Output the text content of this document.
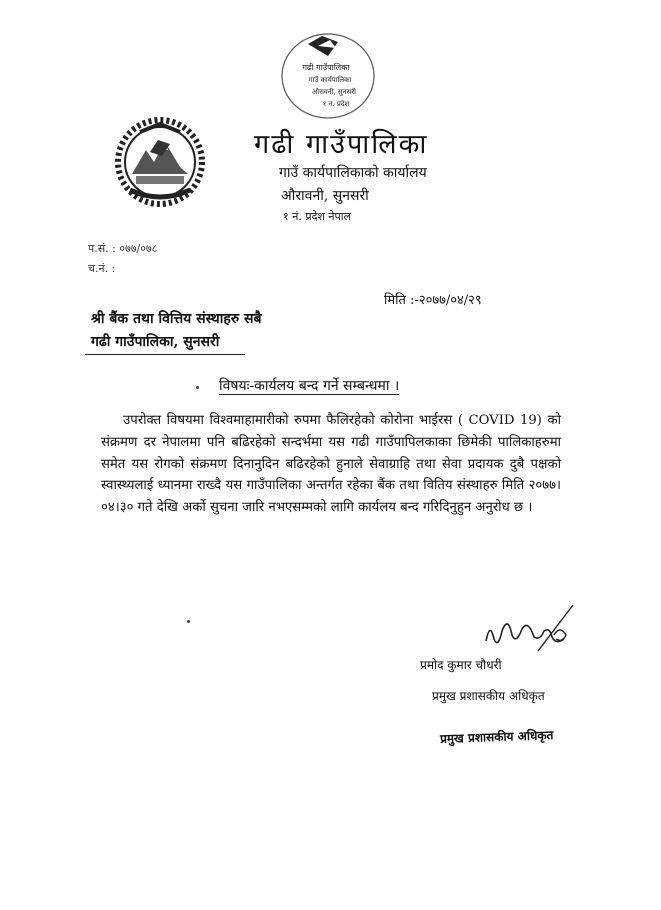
गढी गाउँपालिका
गाउँ कार्यपालिका
औरावनी, सुनसरी
१ न. प्रदेश
गढी गाउँपालिका
गाउँ कार्यपालिकाको कार्यालय
औरावनी, सुनसरी
१ नं. प्रदेश नेपाल
प.सं. : ०७७/०७८
च.नं. :
मिति :-२०७७/०४/२९
श्री बैंक तथा वित्तिय संस्थाहरु सबै
गढी गाउँपालिका, सुनसरी
विषयः-कार्यलय बन्द गर्ने सम्बन्धमा ।
उपरोक्त विषयमा विश्वमाहामारीको रुपमा फैलिरहेको कोरोना भाईरस ( COVID 19) को संक्रमण दर नेपालमा पनि बढिरहेको सन्दर्भमा यस गढी गाउँपापिलकाका छिमेकी पालिकाहरुमा समेत यस रोगको संक्रमण दिनानुदिन बढिरहेको हुनाले सेवाग्राहि तथा सेवा प्रदायक दुबै पक्षको स्वास्थ्यलाई ध्यानमा राख्दै यस गाउँपालिका अन्तर्गत रहेका बैंक तथा वितिय संस्थाहरु मिति २०७७।०४।३० गते देखि अर्को सुचना जारि नभएसम्मको लागि कार्यलय बन्द गरिदिनुहुन अनुरोध छ ।
प्रमोद कुमार चौधरी
प्रमुख प्रशासकीय अधिकृत
प्रमुख प्रशासकीय अधिकृत
